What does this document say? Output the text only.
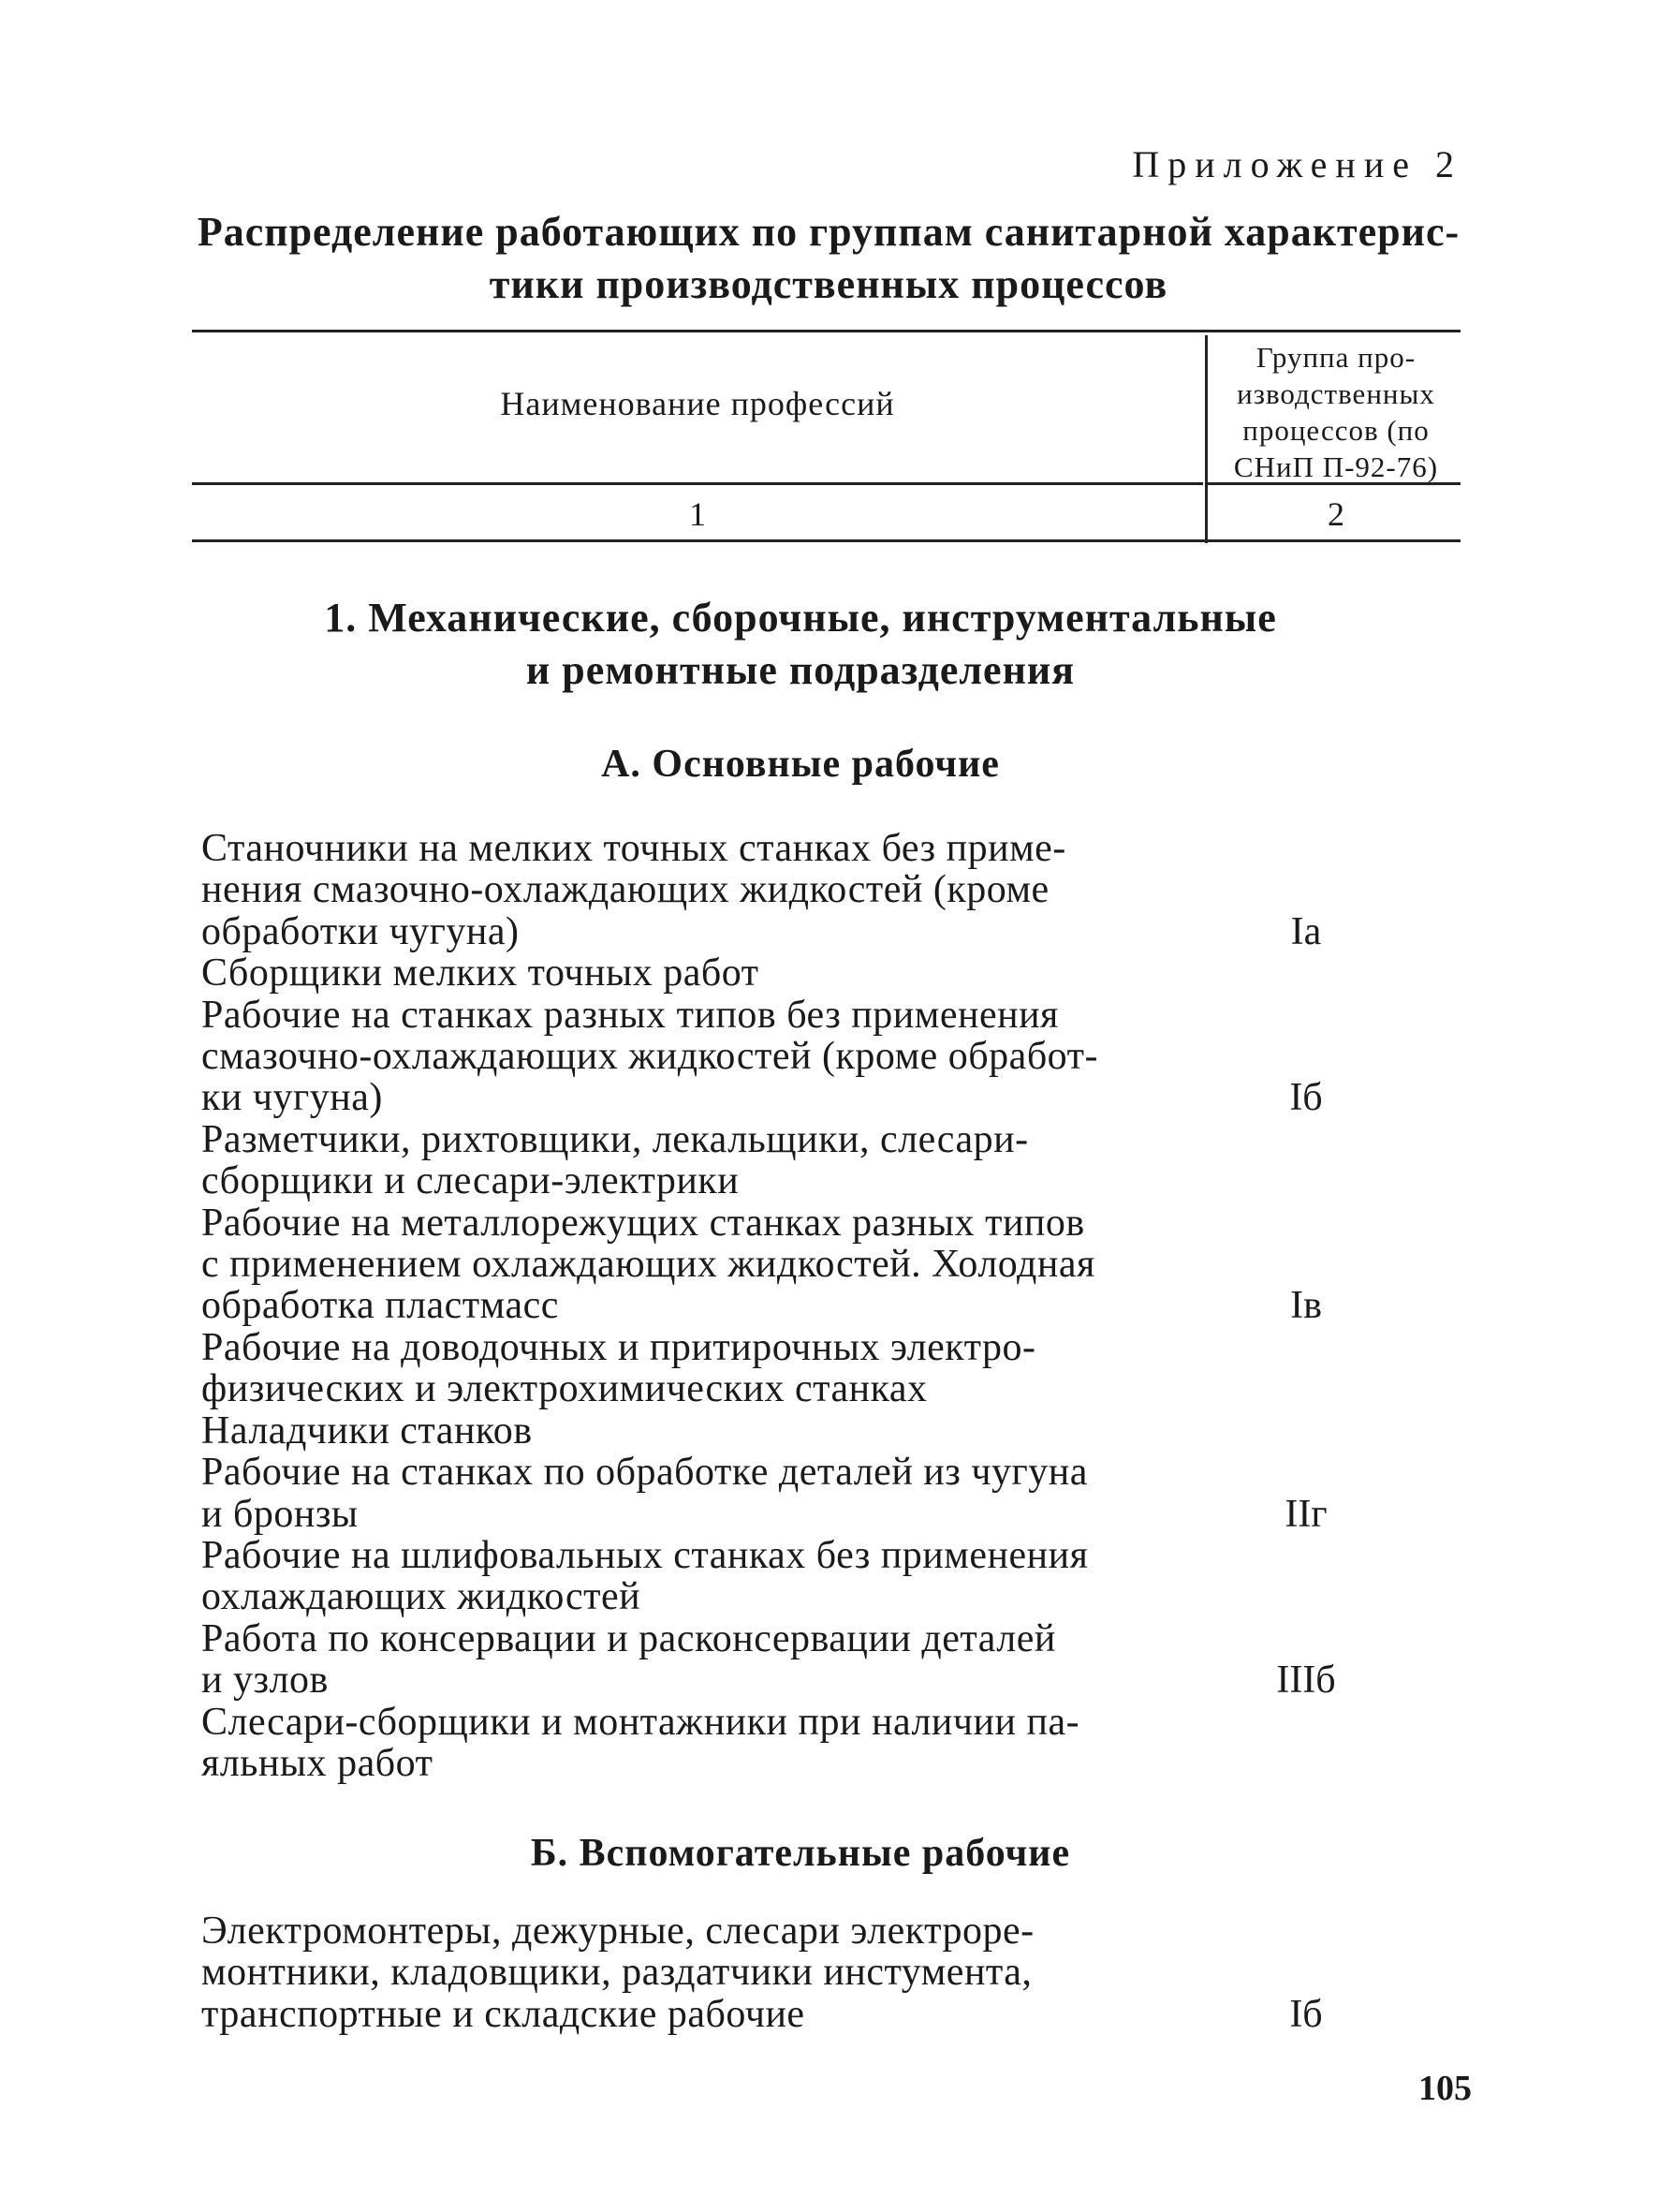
Приложение 2
Распределение работающих по группам санитарной характерис-
тики производственных процессов
Наименование профессий
Группа про-
изводственных
процессов (по
СНиП П-92-76)
1	2
1. Механические, сборочные, инструментальные
и ремонтные подразделения
А. Основные рабочие
Станочники на мелких точных станках без приме-
нения смазочно-охлаждающих жидкостей (кроме
обработки чугуна)	Iа
Сборщики мелких точных работ
Рабочие на станках разных типов без применения
смазочно-охлаждающих жидкостей (кроме обработ-
ки чугуна)	Iб
Разметчики, рихтовщики, лекальщики, слесари-
сборщики и слесари-электрики
Рабочие на металлорежущих станках разных типов
с применением охлаждающих жидкостей. Холодная
обработка пластмасс	Iв
Рабочие на доводочных и притирочных электро-
физических и электрохимических станках
Наладчики станков
Рабочие на станках по обработке деталей из чугуна
и бронзы	IIг
Рабочие на шлифовальных станках без применения
охлаждающих жидкостей
Работа по консервации и расконсервации деталей
и узлов	IIIб
Слесари-сборщики и монтажники при наличии па-
яльных работ
Б. Вспомогательные рабочие
Электромонтеры, дежурные, слесари электроре-
монтники, кладовщики, раздатчики инстумента,
транспортные и складские рабочие	Iб
105
